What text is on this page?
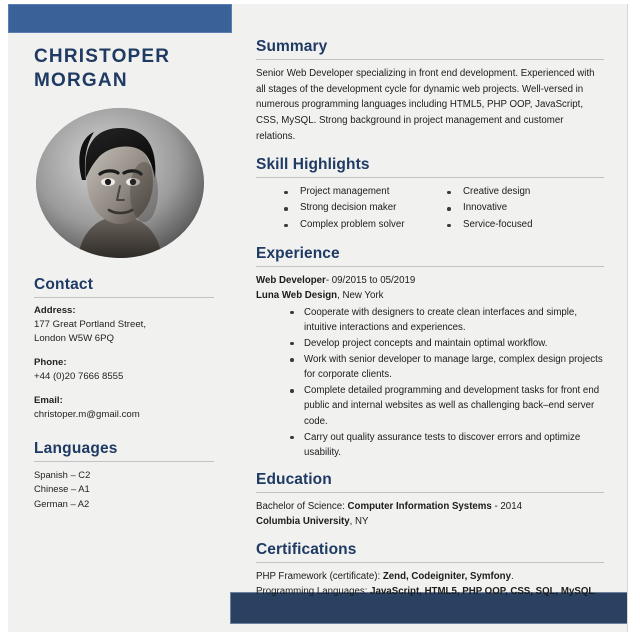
CHRISTOPER
MORGAN
Contact
Address:
177 Great Portland Street,
London W5W 6PQ
Phone:
+44 (0)20 7666 8555
Email:
christoper.m@gmail.com
Languages
Spanish – C2
Chinese – A1
German – A2
Summary
Senior Web Developer specializing in front end development. Experienced with all stages of the development cycle for dynamic web projects. Well-versed in numerous programming languages including HTML5, PHP OOP, JavaScript, CSS, MySQL. Strong background in project management and customer relations.
Skill Highlights
Project management
Strong decision maker
Complex problem solver
Creative design
Innovative
Service-focused
Experience
Web Developer- 09/2015 to 05/2019
Luna Web Design, New York
Cooperate with designers to create clean interfaces and simple, intuitive interactions and experiences.
Develop project concepts and maintain optimal workflow.
Work with senior developer to manage large, complex design projects for corporate clients.
Complete detailed programming and development tasks for front end public and internal websites as well as challenging back–end server code.
Carry out quality assurance tests to discover errors and optimize usability.
Education
Bachelor of Science: Computer Information Systems - 2014
Columbia University, NY
Certifications
PHP Framework (certificate): Zend, Codeigniter, Symfony.
Programming Languages: JavaScript, HTML5, PHP OOP, CSS, SQL, MySQL.
